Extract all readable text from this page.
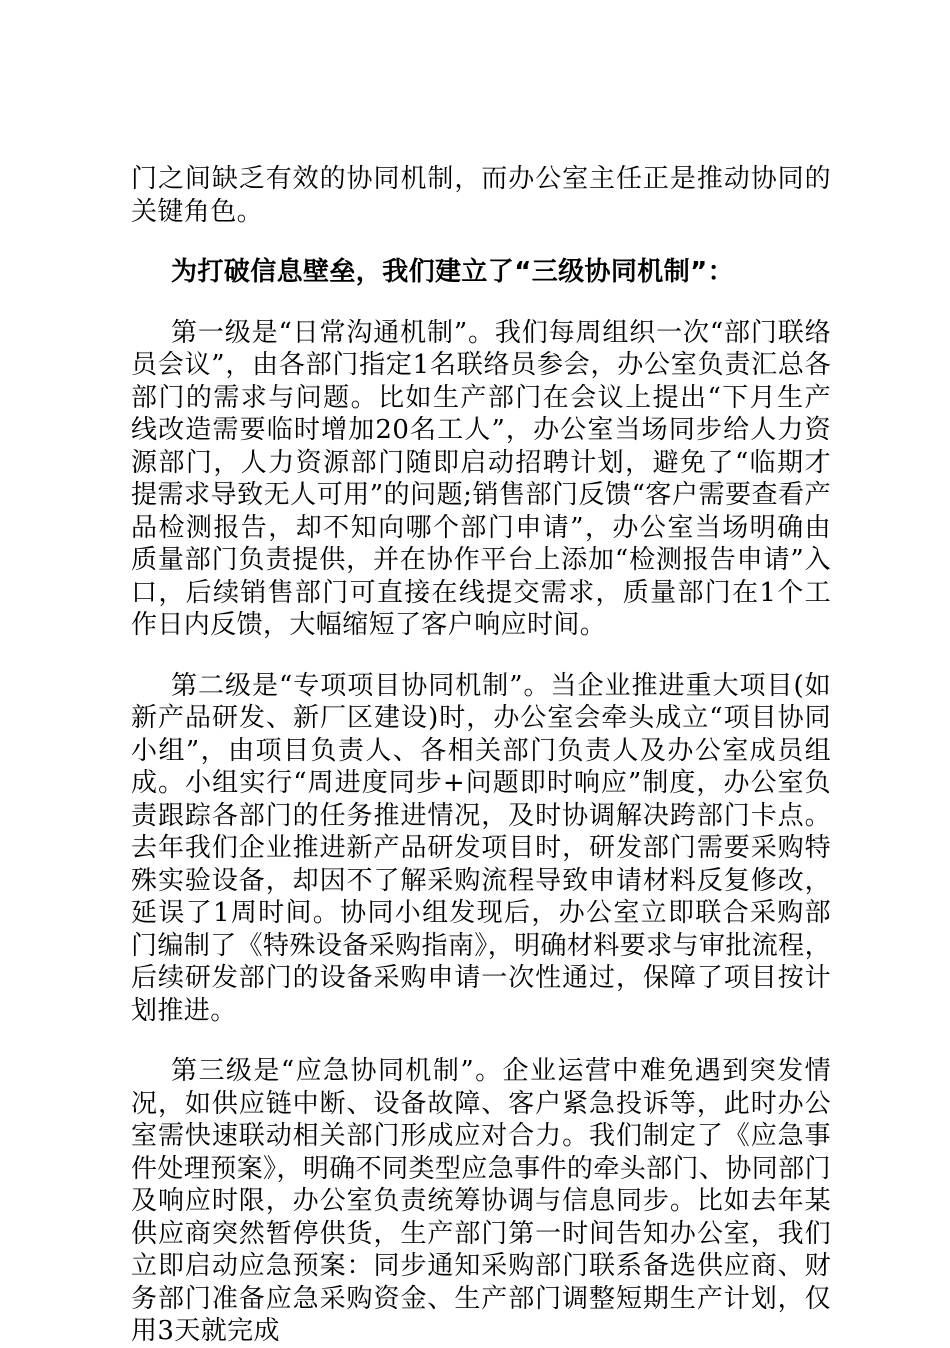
门之间缺乏有效的协同机制，而办公室主任正是推动协同的关键角色。

为打破信息壁垒，我们建立了“三级协同机制”：

第一级是“日常沟通机制”。我们每周组织一次“部门联络员会议”，由各部门指定1名联络员参会，办公室负责汇总各部门的需求与问题。比如生产部门在会议上提出“下月生产线改造需要临时增加20名工人”，办公室当场同步给人力资源部门，人力资源部门随即启动招聘计划，避免了“临期才提需求导致无人可用”的问题;销售部门反馈“客户需要查看产品检测报告，却不知向哪个部门申请”，办公室当场明确由质量部门负责提供，并在协作平台上添加“检测报告申请”入口，后续销售部门可直接在线提交需求，质量部门在1个工作日内反馈，大幅缩短了客户响应时间。

第二级是“专项项目协同机制”。当企业推进重大项目(如新产品研发、新厂区建设)时，办公室会牵头成立“项目协同小组”，由项目负责人、各相关部门负责人及办公室成员组成。小组实行“周进度同步+问题即时响应”制度，办公室负责跟踪各部门的任务推进情况，及时协调解决跨部门卡点。去年我们企业推进新产品研发项目时，研发部门需要采购特殊实验设备，却因不了解采购流程导致申请材料反复修改，延误了1周时间。协同小组发现后，办公室立即联合采购部门编制了《特殊设备采购指南》，明确材料要求与审批流程，后续研发部门的设备采购申请一次性通过，保障了项目按计划推进。

第三级是“应急协同机制”。企业运营中难免遇到突发情况，如供应链中断、设备故障、客户紧急投诉等，此时办公室需快速联动相关部门形成应对合力。我们制定了《应急事件处理预案》，明确不同类型应急事件的牵头部门、协同部门及响应时限，办公室负责统筹协调与信息同步。比如去年某供应商突然暂停供货，生产部门第一时间告知办公室，我们立即启动应急预案：同步通知采购部门联系备选供应商、财务部门准备应急采购资金、生产部门调整短期生产计划，仅用3天就完成
